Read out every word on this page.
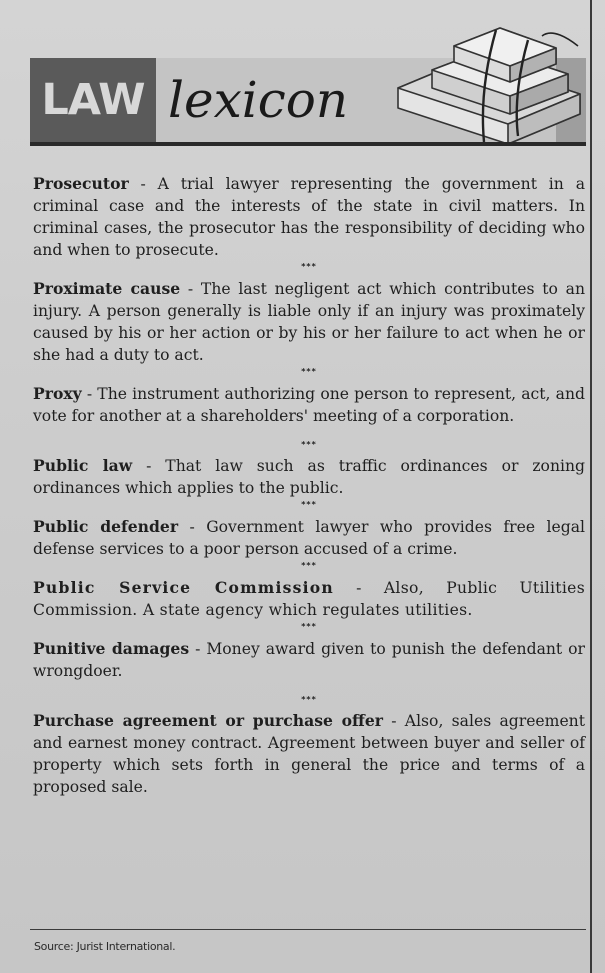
LAW lexicon

Prosecutor - A trial lawyer representing the government in a criminal case and the interests of the state in civil matters. In criminal cases, the prosecutor has the responsibility of deciding who and when to prosecute.

***

Proximate cause - The last negligent act which contributes to an injury. A person generally is liable only if an injury was proximately caused by his or her action or by his or her failure to act when he or she had a duty to act.

***

Proxy - The instrument authorizing one person to represent, act, and vote for another at a shareholders' meeting of a corporation.

***

Public law - That law such as traffic ordinances or zoning ordinances which applies to the public.

***

Public defender - Government lawyer who provides free legal defense services to a poor person accused of a crime.

***

Public Service Commission - Also, Public Utilities Commission. A state agency which regulates utilities.

***

Punitive damages - Money award given to punish the defendant or wrongdoer.

***

Purchase agreement or purchase offer - Also, sales agreement and earnest money contract. Agreement between buyer and seller of property which sets forth in general the price and terms of a proposed sale.

Source: Jurist International.
